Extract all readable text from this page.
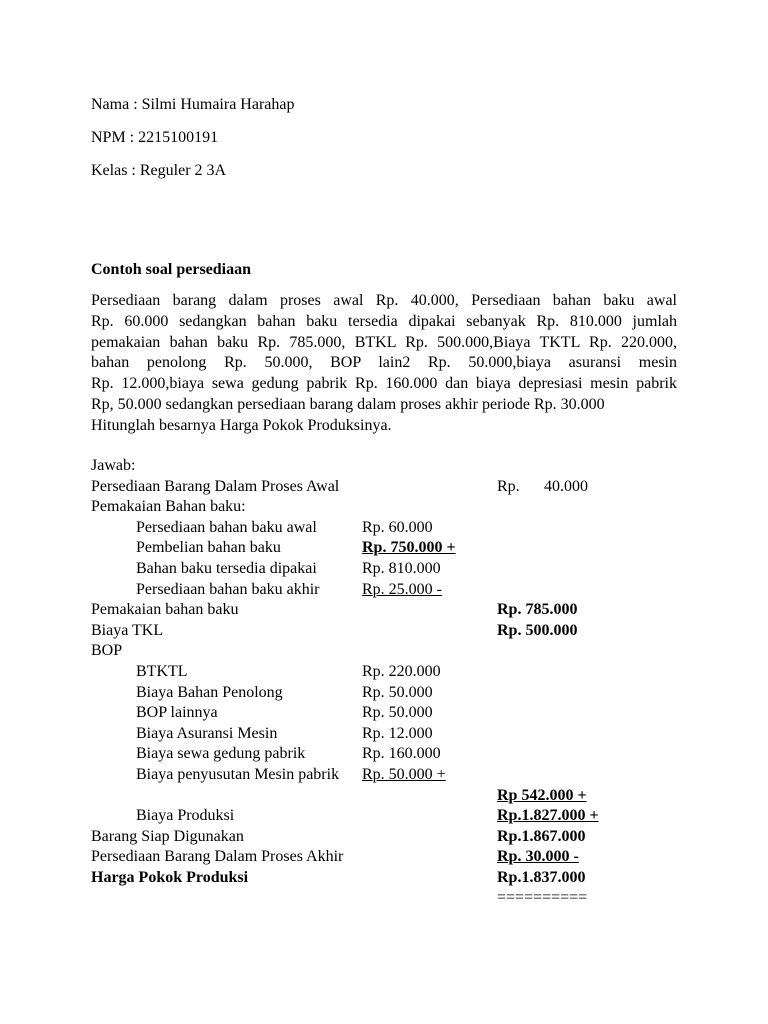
Nama : Silmi Humaira Harahap
NPM : 2215100191
Kelas : Reguler 2 3A
Contoh soal persediaan
Persediaan barang dalam proses awal Rp. 40.000, Persediaan bahan baku awal
Rp. 60.000 sedangkan bahan baku tersedia dipakai sebanyak Rp. 810.000 jumlah
pemakaian bahan baku Rp. 785.000, BTKL Rp. 500.000,Biaya TKTL Rp. 220.000,
bahan penolong Rp. 50.000, BOP lain2 Rp. 50.000,biaya asuransi mesin
Rp. 12.000,biaya sewa gedung pabrik Rp. 160.000 dan biaya depresiasi mesin pabrik
Rp, 50.000 sedangkan persediaan barang dalam proses akhir periode Rp. 30.000
Hitunglah besarnya Harga Pokok Produksinya.
Jawab:
Persediaan Barang Dalam Proses Awal	Rp. 40.000
Pemakaian Bahan baku:
Persediaan bahan baku awal	Rp. 60.000
Pembelian bahan baku	Rp. 750.000 +
Bahan baku tersedia dipakai	Rp. 810.000
Persediaan bahan baku akhir	Rp. 25.000 -
Pemakaian bahan baku	Rp. 785.000
Biaya TKL	Rp. 500.000
BOP
BTKTL	Rp. 220.000
Biaya Bahan Penolong	Rp. 50.000
BOP lainnya	Rp. 50.000
Biaya Asuransi Mesin	Rp. 12.000
Biaya sewa gedung pabrik	Rp. 160.000
Biaya penyusutan Mesin pabrik Rp. 50.000 +
Rp 542.000 +
Biaya Produksi	Rp.1.827.000 +
Barang Siap Digunakan	Rp.1.867.000
Persediaan Barang Dalam Proses Akhir	Rp. 30.000 -
Harga Pokok Produksi	Rp.1.837.000
==========
